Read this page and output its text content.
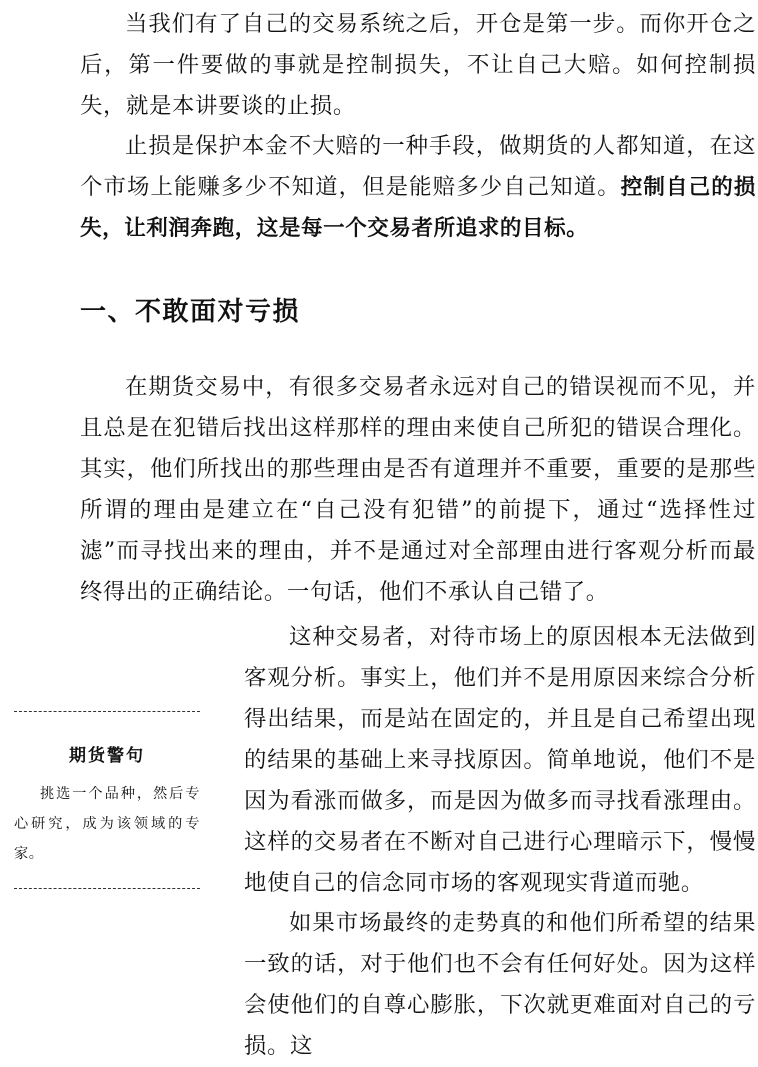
当我们有了自己的交易系统之后，开仓是第一步。而你开仓之后，第一件要做的事就是控制损失，不让自己大赔。如何控制损失，就是本讲要谈的止损。

止损是保护本金不大赔的一种手段，做期货的人都知道，在这个市场上能赚多少不知道，但是能赔多少自己知道。控制自己的损失，让利润奔跑，这是每一个交易者所追求的目标。

一、不敢面对亏损

在期货交易中，有很多交易者永远对自己的错误视而不见，并且总是在犯错后找出这样那样的理由来使自己所犯的错误合理化。其实，他们所找出的那些理由是否有道理并不重要，重要的是那些所谓的理由是建立在“自己没有犯错”的前提下，通过“选择性过滤”而寻找出来的理由，并不是通过对全部理由进行客观分析而最终得出的正确结论。一句话，他们不承认自己错了。

这种交易者，对待市场上的原因根本无法做到客观分析。事实上，他们并不是用原因来综合分析得出结果，而是站在固定的，并且是自己希望出现的结果的基础上来寻找原因。简单地说，他们不是因为看涨而做多，而是因为做多而寻找看涨理由。这样的交易者在不断对自己进行心理暗示下，慢慢地使自己的信念同市场的客观现实背道而驰。

如果市场最终的走势真的和他们所希望的结果一致的话，对于他们也不会有任何好处。因为这样会使他们的自尊心膨胀，下次就更难面对自己的亏损。这

期货警句
挑选一个品种，然后专心研究，成为该领域的专家。
